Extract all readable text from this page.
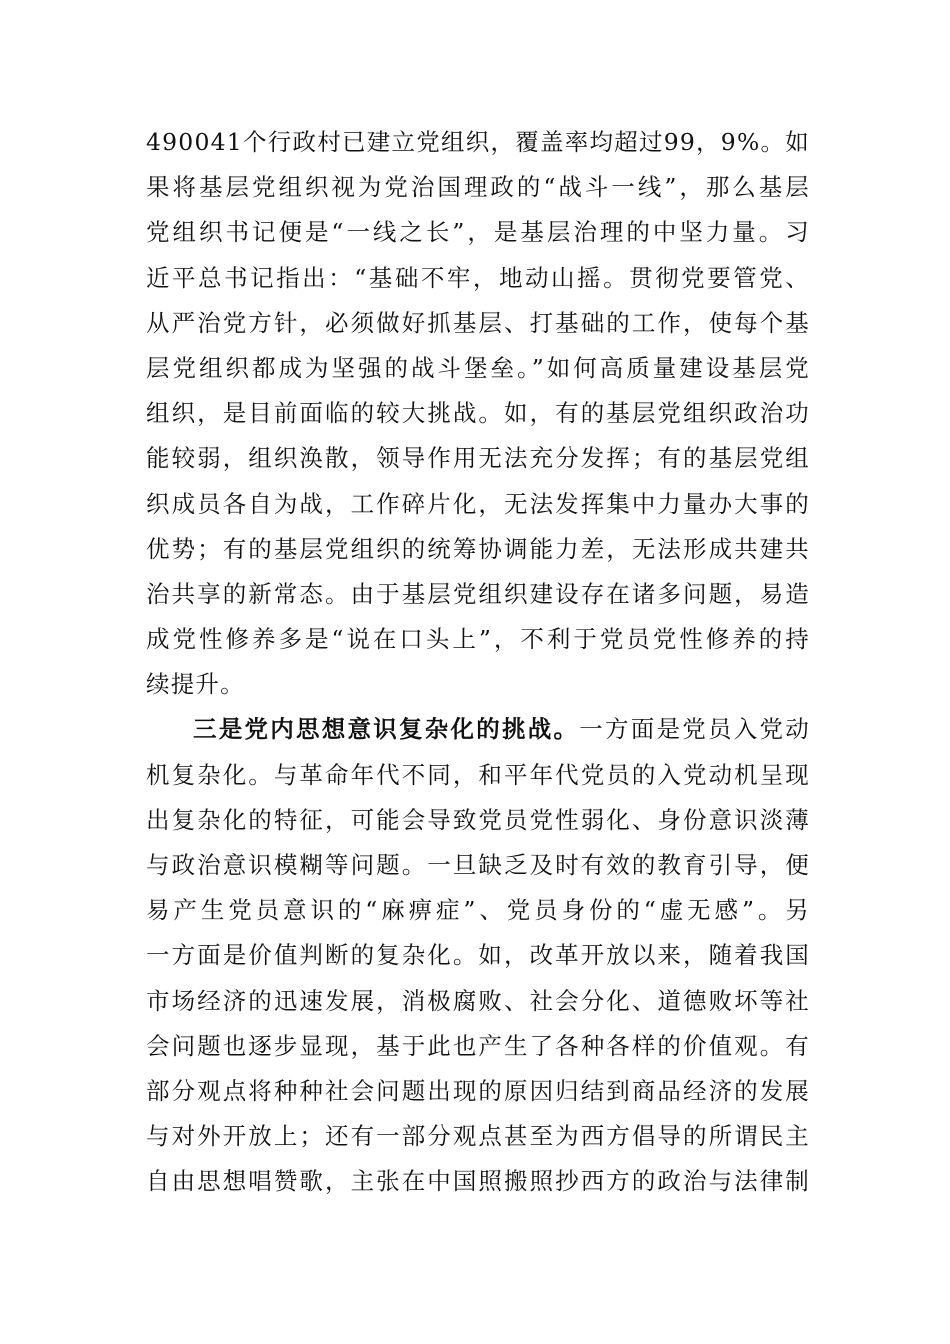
490041个行政村已建立党组织，覆盖率均超过99，9%。如
果将基层党组织视为党治国理政的“战斗一线”，那么基层
党组织书记便是“一线之长”，是基层治理的中坚力量。习
近平总书记指出：“基础不牢，地动山摇。贯彻党要管党、
从严治党方针，必须做好抓基层、打基础的工作，使每个基
层党组织都成为坚强的战斗堡垒。”如何高质量建设基层党
组织，是目前面临的较大挑战。如，有的基层党组织政治功
能较弱，组织涣散，领导作用无法充分发挥；有的基层党组
织成员各自为战，工作碎片化，无法发挥集中力量办大事的
优势；有的基层党组织的统筹协调能力差，无法形成共建共
治共享的新常态。由于基层党组织建设存在诸多问题，易造
成党性修养多是“说在口头上”，不利于党员党性修养的持
续提升。
三是党内思想意识复杂化的挑战。一方面是党员入党动
机复杂化。与革命年代不同，和平年代党员的入党动机呈现
出复杂化的特征，可能会导致党员党性弱化、身份意识淡薄
与政治意识模糊等问题。一旦缺乏及时有效的教育引导，便
易产生党员意识的“麻痹症”、党员身份的“虚无感”。另
一方面是价值判断的复杂化。如，改革开放以来，随着我国
市场经济的迅速发展，消极腐败、社会分化、道德败坏等社
会问题也逐步显现，基于此也产生了各种各样的价值观。有
部分观点将种种社会问题出现的原因归结到商品经济的发展
与对外开放上；还有一部分观点甚至为西方倡导的所谓民主
自由思想唱赞歌，主张在中国照搬照抄西方的政治与法律制
